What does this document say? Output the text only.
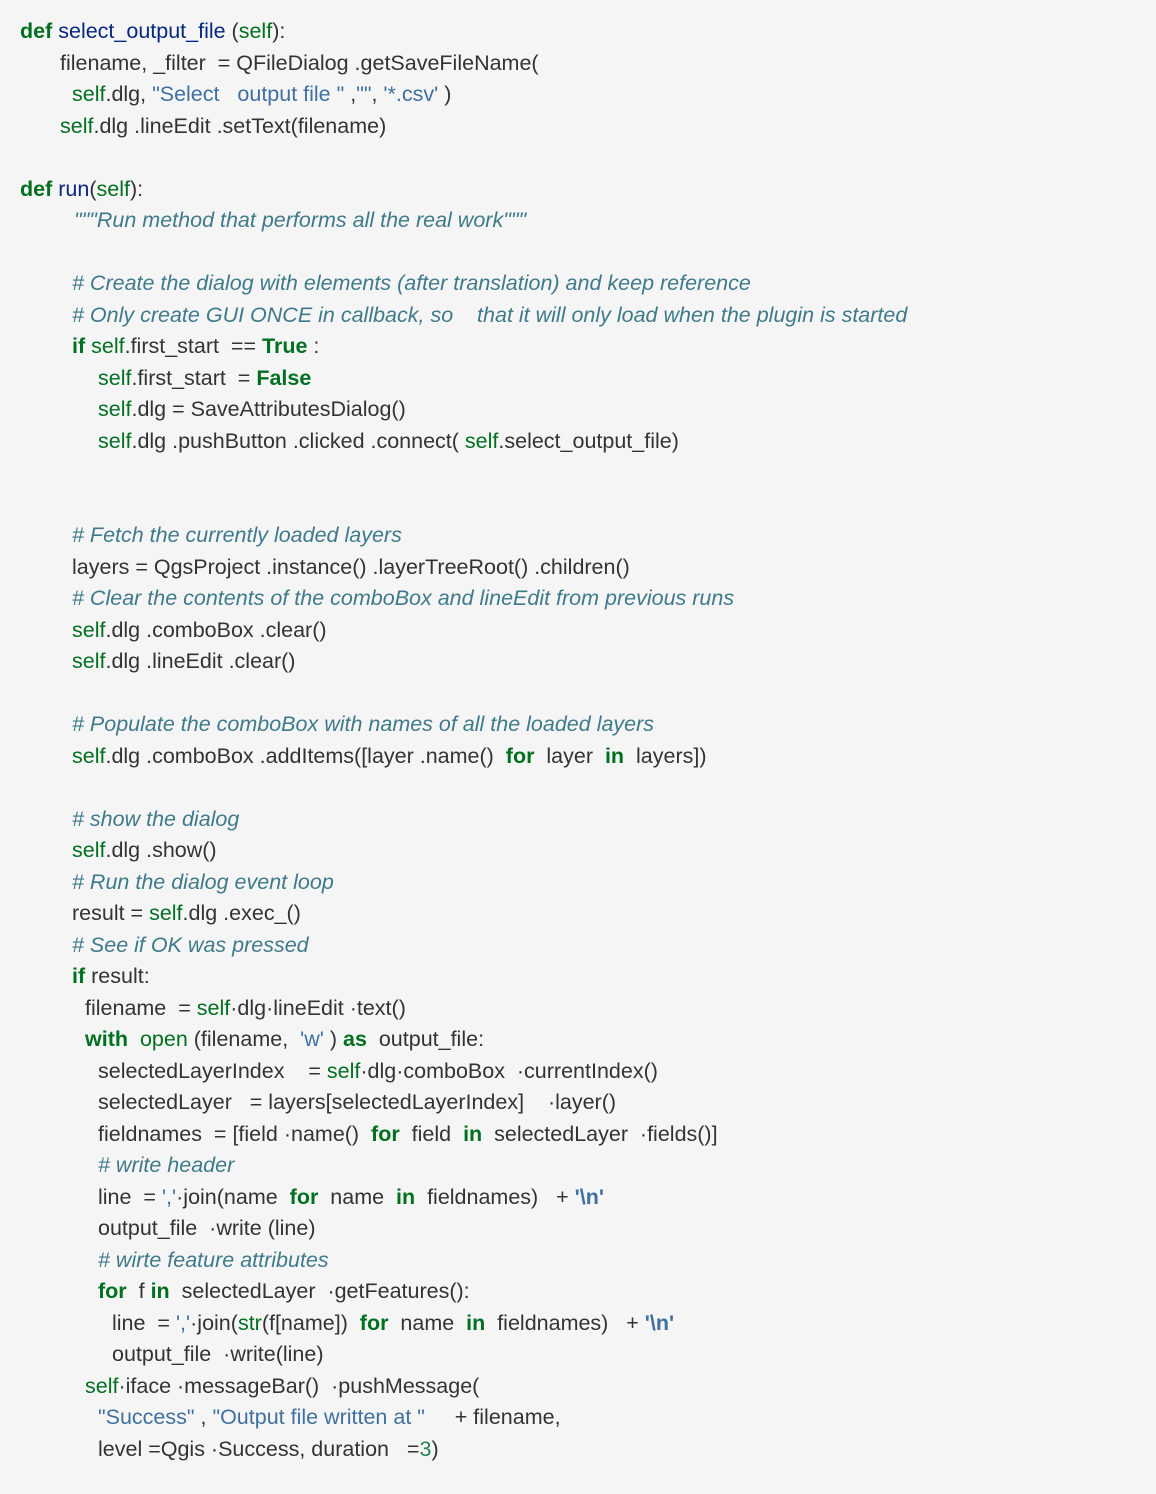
def select_output_file (self):
filename, _filter  = QFileDialog .getSaveFileName(
self.dlg, "Select   output file " ,"", '*.csv' )
self.dlg .lineEdit .setText(filename)
def run(self):
"""Run method that performs all the real work"""
# Create the dialog with elements (after translation) and keep reference
# Only create GUI ONCE in callback, so    that it will only load when the plugin is started
if self.first_start  == True :
self.first_start  = False
self.dlg = SaveAttributesDialog()
self.dlg .pushButton .clicked .connect( self.select_output_file)
# Fetch the currently loaded layers
layers = QgsProject .instance() .layerTreeRoot() .children()
# Clear the contents of the comboBox and lineEdit from previous runs
self.dlg .comboBox .clear()
self.dlg .lineEdit .clear()
# Populate the comboBox with names of all the loaded layers
self.dlg .comboBox .addItems([layer .name()  for  layer  in  layers])
# show the dialog
self.dlg .show()
# Run the dialog event loop
result = self.dlg .exec_()
# See if OK was pressed
if result:
filename  = self·dlg·lineEdit ·text()
with open (filename,  'w' ) as  output_file:
selectedLayerIndex    = self·dlg·comboBox  ·currentIndex()
selectedLayer   = layers[selectedLayerIndex]    ·layer()
fieldnames  = [field ·name()  for  field  in  selectedLayer  ·fields()]
# write header
line  = ','·join(name  for  name  in  fieldnames)   + '\n'
output_file  ·write (line)
# wirte feature attributes
for  f in  selectedLayer  ·getFeatures():
line  = ','·join(str(f[name])  for  name  in  fieldnames)   + '\n'
output_file  ·write(line)
self·iface ·messageBar()  ·pushMessage(
"Success" , "Output file written at "     + filename,
level =Qgis ·Success, duration   =3)
